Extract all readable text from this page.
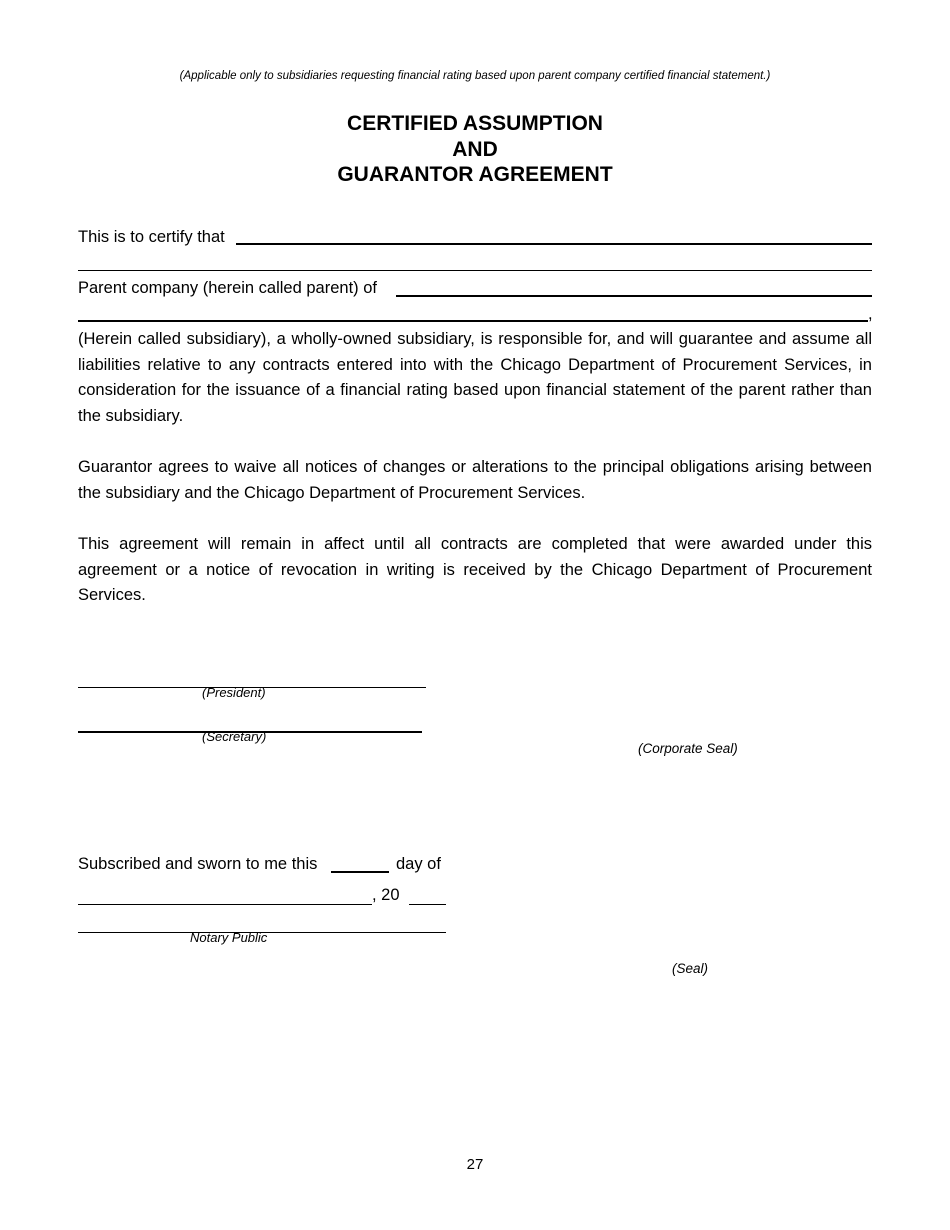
(Applicable only to subsidiaries requesting financial rating based upon parent company certified financial statement.)
CERTIFIED ASSUMPTION
AND
GUARANTOR AGREEMENT
This is to certify that
Parent company (herein called parent) of
,
(Herein called subsidiary), a wholly-owned subsidiary, is responsible for, and will guarantee and assume all liabilities relative to any contracts entered into with the Chicago Department of Procurement Services, in consideration for the issuance of a financial rating based upon financial statement of the parent rather than the subsidiary.
Guarantor agrees to waive all notices of changes or alterations to the principal obligations arising between the subsidiary and the Chicago Department of Procurement Services.
This agreement will remain in affect until all contracts are completed that were awarded under this agreement or a notice of revocation in writing is received by the Chicago Department of Procurement Services.
(President)
(Secretary)
(Corporate Seal)
Subscribed and sworn to me this	day of
, 20
Notary Public
(Seal)
27
